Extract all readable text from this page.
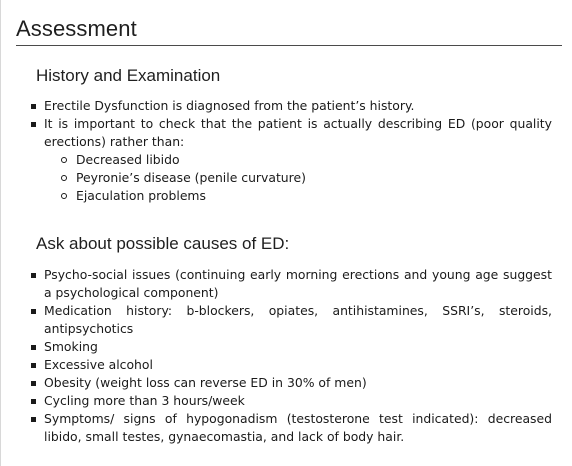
Assessment
History and Examination
Erectile Dysfunction is diagnosed from the patient’s history.
It is important to check that the patient is actually describing ED (poor quality erections) rather than:
Decreased libido
Peyronie’s disease (penile curvature)
Ejaculation problems
Ask about possible causes of ED:
Psycho-social issues (continuing early morning erections and young age suggest a psychological component)
Medication history: b-blockers, opiates, antihistamines, SSRI’s, steroids, antipsychotics
Smoking
Excessive alcohol
Obesity (weight loss can reverse ED in 30% of men)
Cycling more than 3 hours/week
Symptoms/ signs of hypogonadism (testosterone test indicated): decreased libido, small testes, gynaecomastia, and lack of body hair.
